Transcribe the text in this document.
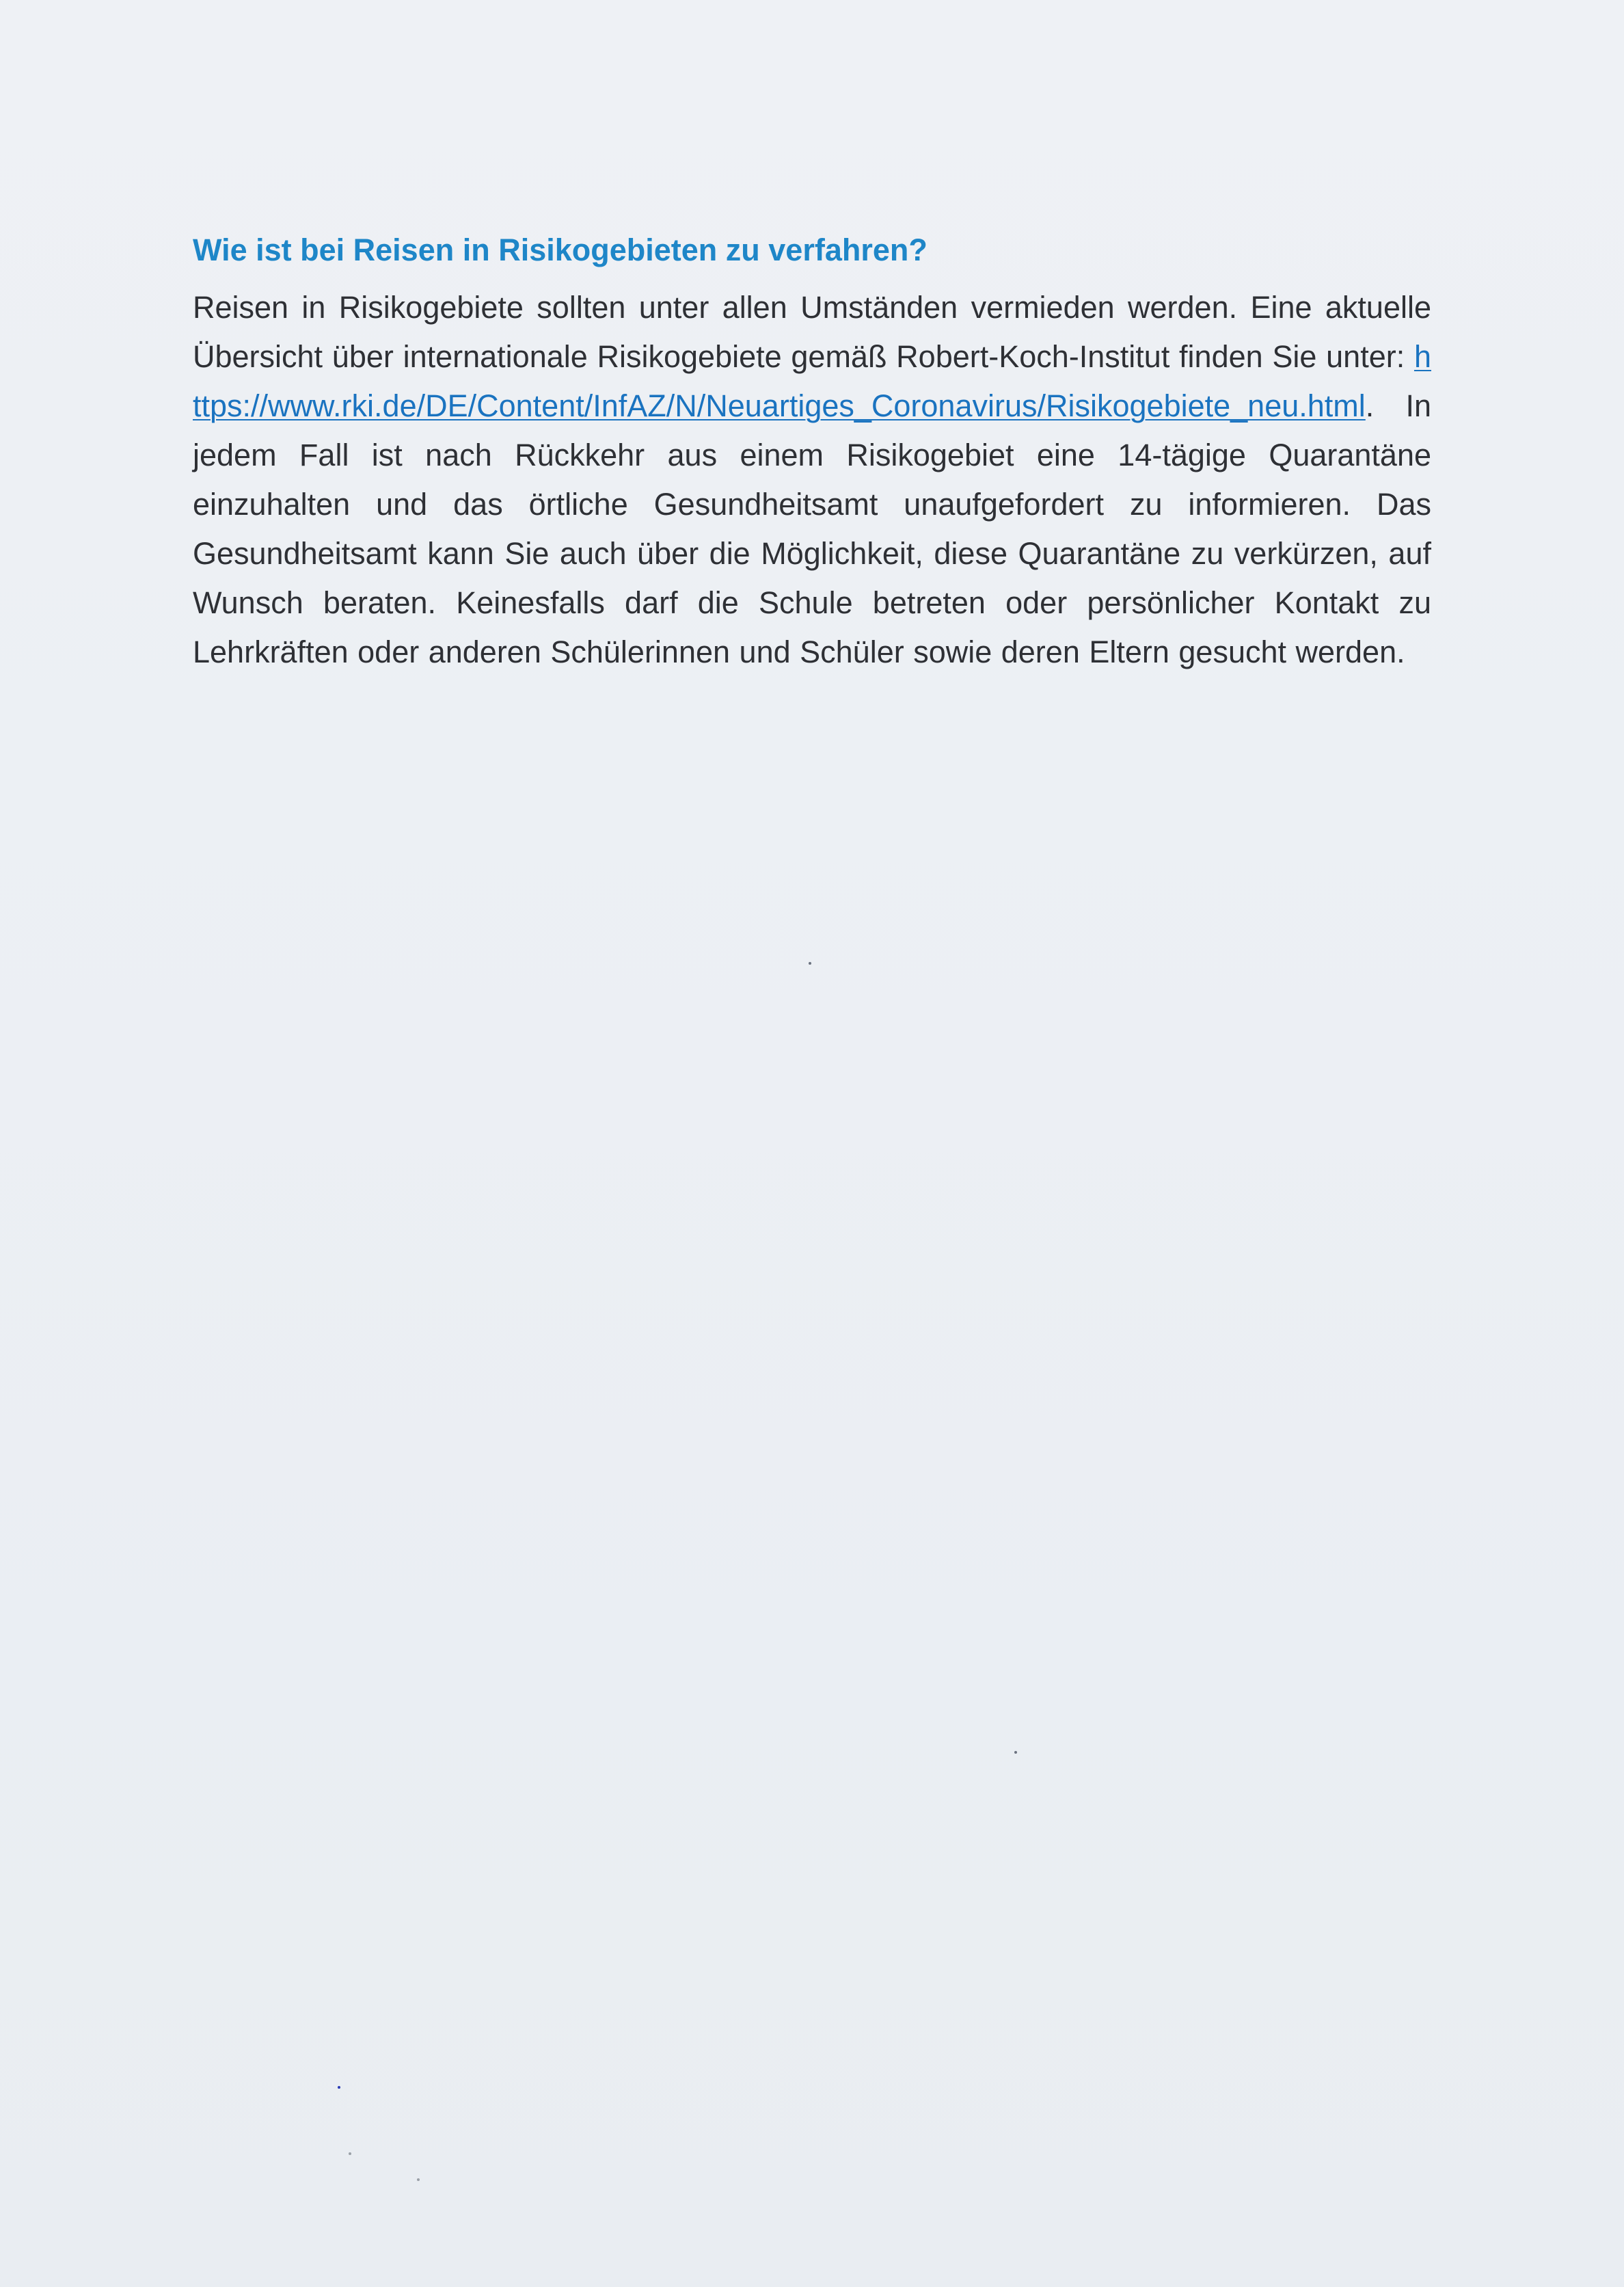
Wie ist bei Reisen in Risikogebieten zu verfahren?

Reisen in Risikogebiete sollten unter allen Umständen vermieden werden. Eine aktuelle Übersicht über internationale Risikogebiete gemäß Robert-Koch-Institut finden Sie unter: https://www.rki.de/DE/Content/InfAZ/N/Neuartiges_Coronavirus/Risikogebiete_neu.html. In jedem Fall ist nach Rückkehr aus einem Risikogebiet eine 14-tägige Quarantäne einzuhalten und das örtliche Gesundheitsamt unaufgefordert zu informieren. Das Gesundheitsamt kann Sie auch über die Möglichkeit, diese Quarantäne zu verkürzen, auf Wunsch beraten. Keinesfalls darf die Schule betreten oder persönlicher Kontakt zu Lehrkräften oder anderen Schülerinnen und Schüler sowie deren Eltern gesucht werden.
